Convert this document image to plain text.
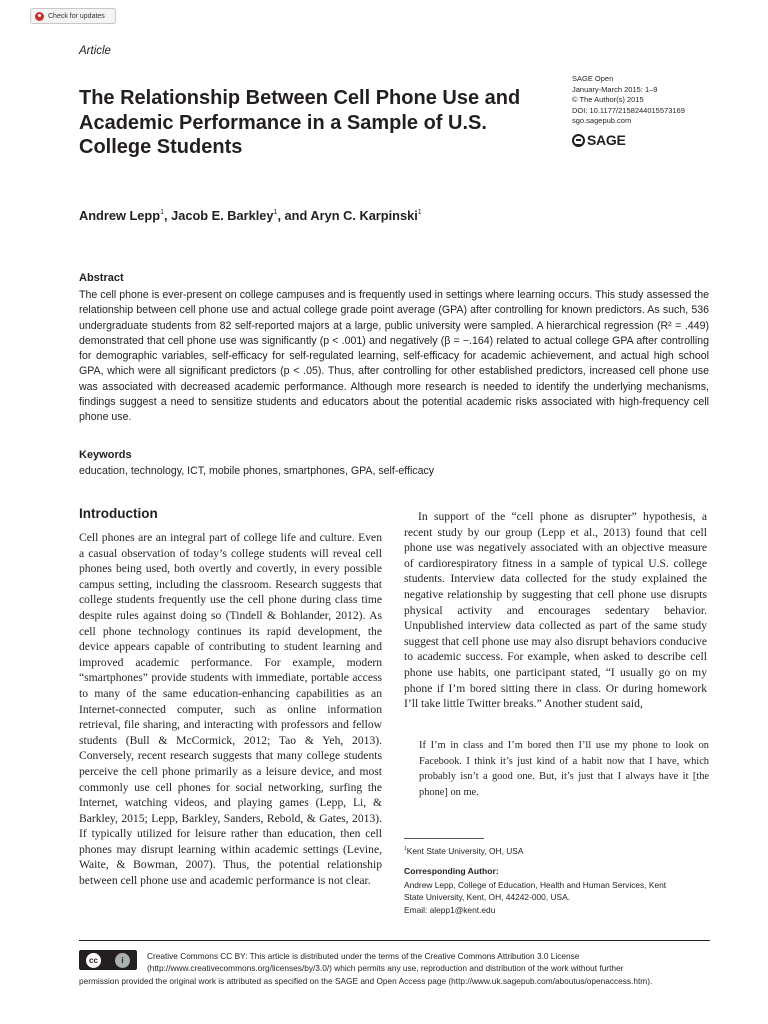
Check for updates
Article
The Relationship Between Cell Phone Use and Academic Performance in a Sample of U.S. College Students
SAGE Open
January-March 2015: 1–9
© The Author(s) 2015
DOI: 10.1177/2158244015573169
sgo.sagepub.com
SAGE
Andrew Lepp$^1$, Jacob E. Barkley$^1$, and Aryn C. Karpinski$^1$
Abstract
The cell phone is ever-present on college campuses and is frequently used in settings where learning occurs. This study assessed the relationship between cell phone use and actual college grade point average (GPA) after controlling for known predictors. As such, 536 undergraduate students from 82 self-reported majors at a large, public university were sampled. A hierarchical regression (R² = .449) demonstrated that cell phone use was significantly (p < .001) and negatively (β = −.164) related to actual college GPA after controlling for demographic variables, self-efficacy for self-regulated learning, self-efficacy for academic achievement, and actual high school GPA, which were all significant predictors (p < .05). Thus, after controlling for other established predictors, increased cell phone use was associated with decreased academic performance. Although more research is needed to identify the underlying mechanisms, findings suggest a need to sensitize students and educators about the potential academic risks associated with high-frequency cell phone use.
Keywords
education, technology, ICT, mobile phones, smartphones, GPA, self-efficacy
Introduction
Cell phones are an integral part of college life and culture. Even a casual observation of today’s college students will reveal cell phones being used, both overtly and covertly, in every possible campus setting, including the classroom. Research suggests that college students frequently use the cell phone during class time despite rules against doing so (Tindell & Bohlander, 2012). As cell phone technology continues its rapid development, the device appears capable of contributing to student learning and improved academic performance. For example, modern “smartphones” provide students with immediate, portable access to many of the same education-enhancing capabilities as an Internet-connected computer, such as online information retrieval, file sharing, and interacting with professors and fellow students (Bull & McCormick, 2012; Tao & Yeh, 2013). Conversely, recent research suggests that many college students perceive the cell phone primarily as a leisure device, and most commonly use cell phones for social networking, surfing the Internet, watching videos, and playing games (Lepp, Li, & Barkley, 2015; Lepp, Barkley, Sanders, Rebold, & Gates, 2013). If typically utilized for leisure rather than education, then cell phones may disrupt learning within academic settings (Levine, Waite, & Bowman, 2007). Thus, the potential relationship between cell phone use and academic performance is not clear.

In support of the “cell phone as disrupter” hypothesis, a recent study by our group (Lepp et al., 2013) found that cell phone use was negatively associated with an objective measure of cardiorespiratory fitness in a sample of typical U.S. college students. Interview data collected for the study explained the negative relationship by suggesting that cell phone use disrupts physical activity and encourages sedentary behavior. Unpublished interview data collected as part of the same study suggest that cell phone use may also disrupt behaviors conducive to academic success. For example, when asked to describe cell phone use habits, one participant stated, “I usually go on my phone if I’m bored sitting there in class. Or during homework I’ll take little Twitter breaks.” Another student said,

If I’m in class and I’m bored then I’ll use my phone to look on Facebook. I think it’s just kind of a habit now that I have, which probably isn’t a good one. But, it’s just that I always have it [the phone] on me.
$^1$Kent State University, OH, USA
Corresponding Author:
Andrew Lepp, College of Education, Health and Human Services, Kent
State University, Kent, OH, 44242-000, USA.
Email: alepp1@kent.edu
Creative Commons CC BY: This article is distributed under the terms of the Creative Commons Attribution 3.0 License
(http://www.creativecommons.org/licenses/by/3.0/) which permits any use, reproduction and distribution of the work without further
permission provided the original work is attributed as specified on the SAGE and Open Access page (http://www.uk.sagepub.com/aboutus/openaccess.htm).
cc	i
